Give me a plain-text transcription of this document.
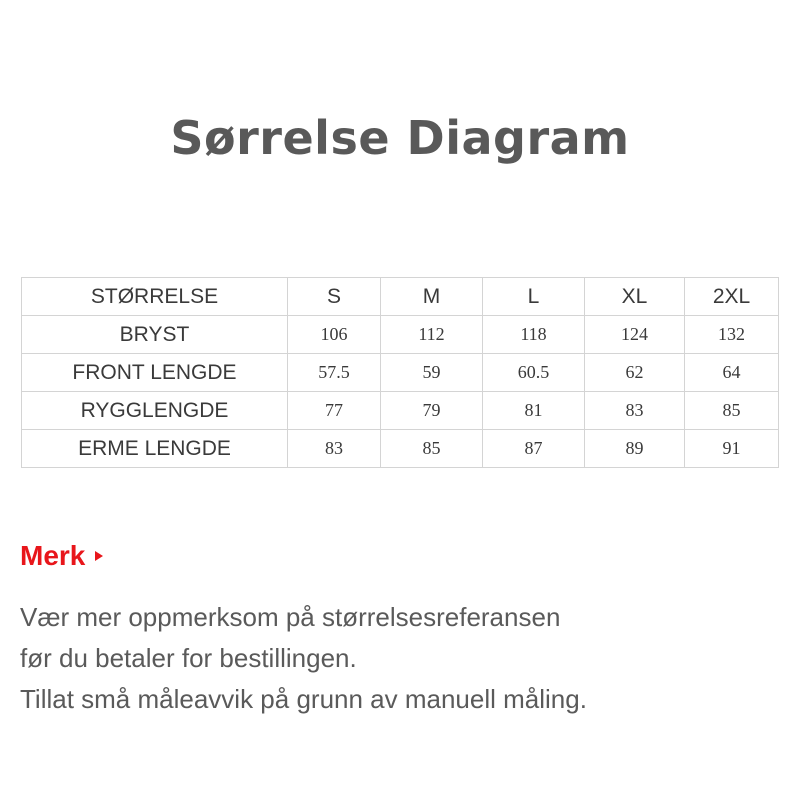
Sørrelse Diagram
STØRRELSE	S	M	L	XL	2XL
BRYST	106	112	118	124	132
FRONT LENGDE	57.5	59	60.5	62	64
RYGGLENGDE	77	79	81	83	85
ERME LENGDE	83	85	87	89	91
Merk
Vær mer oppmerksom på størrelsesreferansen
før du betaler for bestillingen.
Tillat små måleavvik på grunn av manuell måling.
